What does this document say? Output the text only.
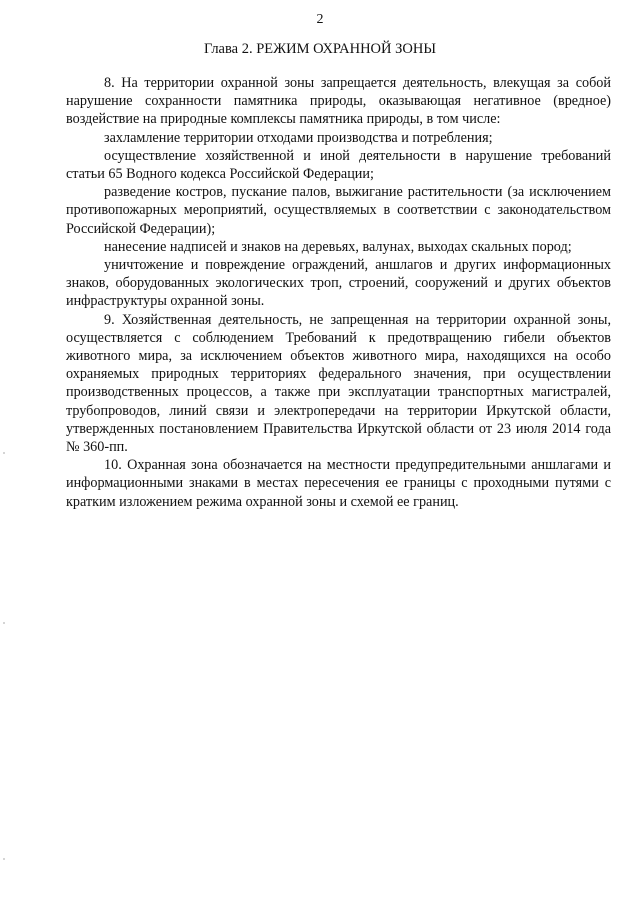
2
Глава 2. РЕЖИМ ОХРАННОЙ ЗОНЫ

8. На территории охранной зоны запрещается деятельность, влекущая за собой нарушение сохранности памятника природы, оказывающая негативное (вредное) воздействие на природные комплексы памятника природы, в том числе:

захламление территории отходами производства и потребления;

осуществление хозяйственной и иной деятельности в нарушение требований статьи 65 Водного кодекса Российской Федерации;

разведение костров, пускание палов, выжигание растительности (за исключением противопожарных мероприятий, осуществляемых в соответствии с законодательством Российской Федерации);

нанесение надписей и знаков на деревьях, валунах, выходах скальных пород;

уничтожение и повреждение ограждений, аншлагов и других информационных знаков, оборудованных экологических троп, строений, сооружений и других объектов инфраструктуры охранной зоны.

9. Хозяйственная деятельность, не запрещенная на территории охранной зоны, осуществляется с соблюдением Требований к предотвращению гибели объектов животного мира, за исключением объектов животного мира, находящихся на особо охраняемых природных территориях федерального значения, при осуществлении производственных процессов, а также при эксплуатации транспортных магистралей, трубопроводов, линий связи и электропередачи на территории Иркутской области, утвержденных постановлением Правительства Иркутской области от 23 июля 2014 года № 360-пп.

10. Охранная зона обозначается на местности предупредительными аншлагами и информационными знаками в местах пересечения ее границы с проходными путями с кратким изложением режима охранной зоны и схемой ее границ.
